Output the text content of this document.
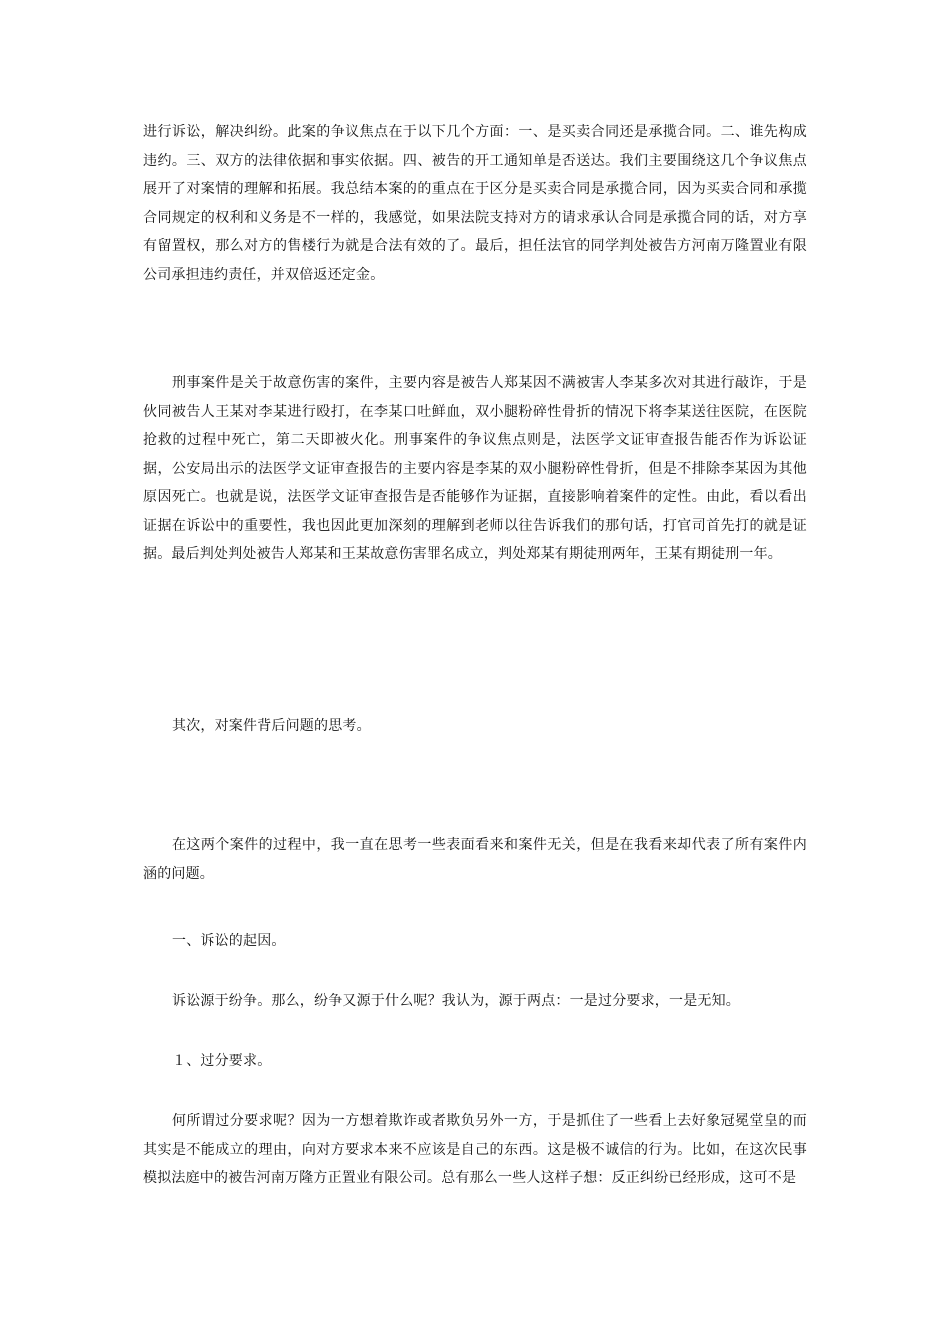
进行诉讼，解决纠纷。此案的争议焦点在于以下几个方面：一、是买卖合同还是承揽合同。二、谁先构成违约。三、双方的法律依据和事实依据。四、被告的开工通知单是否送达。我们主要围绕这几个争议焦点展开了对案情的理解和拓展。我总结本案的的重点在于区分是买卖合同是承揽合同，因为买卖合同和承揽合同规定的权利和义务是不一样的，我感觉，如果法院支持对方的请求承认合同是承揽合同的话，对方享有留置权，那么对方的售楼行为就是合法有效的了。最后，担任法官的同学判处被告方河南万隆置业有限公司承担违约责任，并双倍返还定金。

刑事案件是关于故意伤害的案件，主要内容是被告人郑某因不满被害人李某多次对其进行敲诈，于是伙同被告人王某对李某进行殴打，在李某口吐鲜血，双小腿粉碎性骨折的情况下将李某送往医院，在医院抢救的过程中死亡，第二天即被火化。刑事案件的争议焦点则是，法医学文证审查报告能否作为诉讼证据，公安局出示的法医学文证审查报告的主要内容是李某的双小腿粉碎性骨折，但是不排除李某因为其他原因死亡。也就是说，法医学文证审查报告是否能够作为证据，直接影响着案件的定性。由此，看以看出证据在诉讼中的重要性，我也因此更加深刻的理解到老师以往告诉我们的那句话，打官司首先打的就是证据。最后判处判处被告人郑某和王某故意伤害罪名成立，判处郑某有期徒刑两年，王某有期徒刑一年。

其次，对案件背后问题的思考。

在这两个案件的过程中，我一直在思考一些表面看来和案件无关，但是在我看来却代表了所有案件内涵的问题。

一、诉讼的起因。

诉讼源于纷争。那么，纷争又源于什么呢？我认为，源于两点：一是过分要求，一是无知。

１、过分要求。

何所谓过分要求呢？因为一方想着欺诈或者欺负另外一方，于是抓住了一些看上去好象冠冕堂皇的而其实是不能成立的理由，向对方要求本来不应该是自己的东西。这是极不诚信的行为。比如，在这次民事模拟法庭中的被告河南万隆方正置业有限公司。总有那么一些人这样子想：反正纠纷已经形成，这可不是
